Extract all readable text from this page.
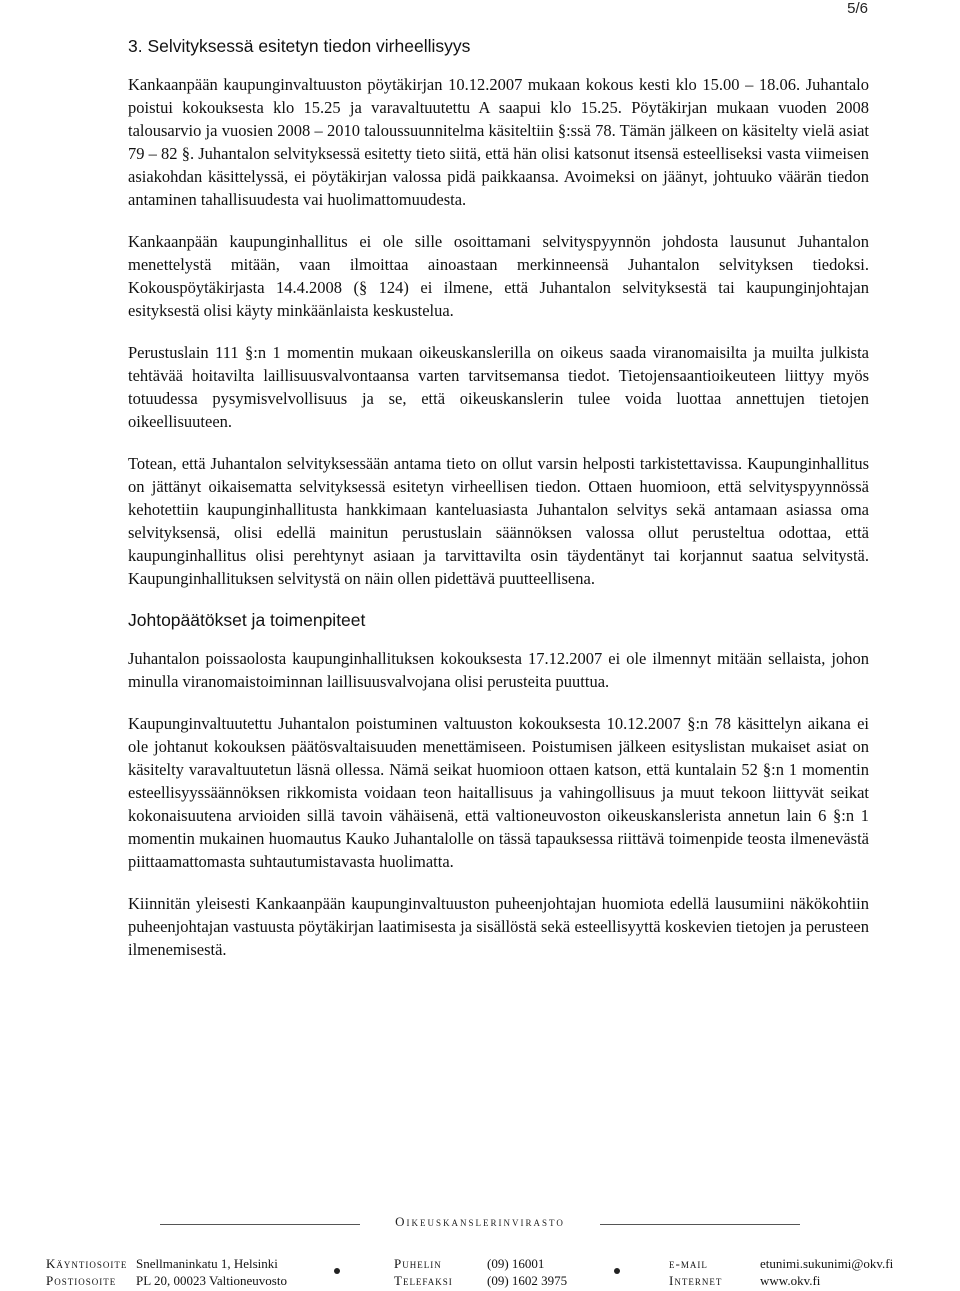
5/6
3. Selvityksessä esitetyn tiedon virheellisyys

Kankaanpään kaupunginvaltuuston pöytäkirjan 10.12.2007 mukaan kokous kesti klo 15.00 – 18.06. Juhantalo poistui kokouksesta klo 15.25 ja varavaltuutettu A saapui klo 15.25. Pöytäkirjan mukaan vuoden 2008 talousarvio ja vuosien 2008 – 2010 taloussuunnitelma käsiteltiin §:ssä 78. Tämän jälkeen on käsitelty vielä asiat 79 – 82 §. Juhantalon selvityksessä esitetty tieto siitä, että hän olisi katsonut itsensä esteelliseksi vasta viimeisen asiakohdan käsittelyssä, ei pöytäkirjan valossa pidä paikkaansa. Avoimeksi on jäänyt, johtuuko väärän tiedon antaminen tahallisuudesta vai huolimattomuudesta.

Kankaanpään kaupunginhallitus ei ole sille osoittamani selvityspyynnön johdosta lausunut Juhantalon menettelystä mitään, vaan ilmoittaa ainoastaan merkinneensä Juhantalon selvityksen tiedoksi. Kokouspöytäkirjasta 14.4.2008 (§ 124) ei ilmene, että Juhantalon selvityksestä tai kaupunginjohtajan esityksestä olisi käyty minkäänlaista keskustelua.

Perustuslain 111 §:n 1 momentin mukaan oikeuskanslerilla on oikeus saada viranomaisilta ja muilta julkista tehtävää hoitavilta laillisuusvalvontaansa varten tarvitsemansa tiedot. Tietojensaantioikeuteen liittyy myös totuudessa pysymisvelvollisuus ja se, että oikeuskanslerin tulee voida luottaa annettujen tietojen oikeellisuuteen.

Totean, että Juhantalon selvityksessään antama tieto on ollut varsin helposti tarkistettavissa. Kaupunginhallitus on jättänyt oikaisematta selvityksessä esitetyn virheellisen tiedon. Ottaen huomioon, että selvityspyynnössä kehotettiin kaupunginhallitusta hankkimaan kanteluasiasta Juhantalon selvitys sekä antamaan asiassa oma selvityksensä, olisi edellä mainitun perustuslain säännöksen valossa ollut perusteltua odottaa, että kaupunginhallitus olisi perehtynyt asiaan ja tarvittavilta osin täydentänyt tai korjannut saatua selvitystä. Kaupunginhallituksen selvitystä on näin ollen pidettävä puutteellisena.

Johtopäätökset ja toimenpiteet

Juhantalon poissaolosta kaupunginhallituksen kokouksesta 17.12.2007 ei ole ilmennyt mitään sellaista, johon minulla viranomaistoiminnan laillisuusvalvojana olisi perusteita puuttua.

Kaupunginvaltuutettu Juhantalon poistuminen valtuuston kokouksesta 10.12.2007 §:n 78 käsittelyn aikana ei ole johtanut kokouksen päätösvaltaisuuden menettämiseen. Poistumisen jälkeen esityslistan mukaiset asiat on käsitelty varavaltuutetun läsnä ollessa. Nämä seikat huomioon ottaen katson, että kuntalain 52 §:n 1 momentin esteellisyyssäännöksen rikkomista voidaan teon haitallisuus ja vahingollisuus ja muut tekoon liittyvät seikat kokonaisuutena arvioiden sillä tavoin vähäisenä, että valtioneuvoston oikeuskanslerista annetun lain 6 §:n 1 momentin mukainen huomautus Kauko Juhantalolle on tässä tapauksessa riittävä toimenpide teosta ilmenevästä piittaamattomasta suhtautumistavasta huolimatta.

Kiinnitän yleisesti Kankaanpään kaupunginvaltuuston puheenjohtajan huomiota edellä lausumiini näkökohtiin puheenjohtajan vastuusta pöytäkirjan laatimisesta ja sisällöstä sekä esteellisyyttä koskevien tietojen ja perusteen ilmenemisestä.

Oikeuskanslerinvirasto
Käyntiosoite Snellmaninkatu 1, Helsinki	Puhelin	(09) 16001	e-mail	etunimi.sukunimi@okv.fi
Postiosoite PL 20, 00023 Valtioneuvosto	Telefaksi	(09) 1602 3975	Internet	www.okv.fi
